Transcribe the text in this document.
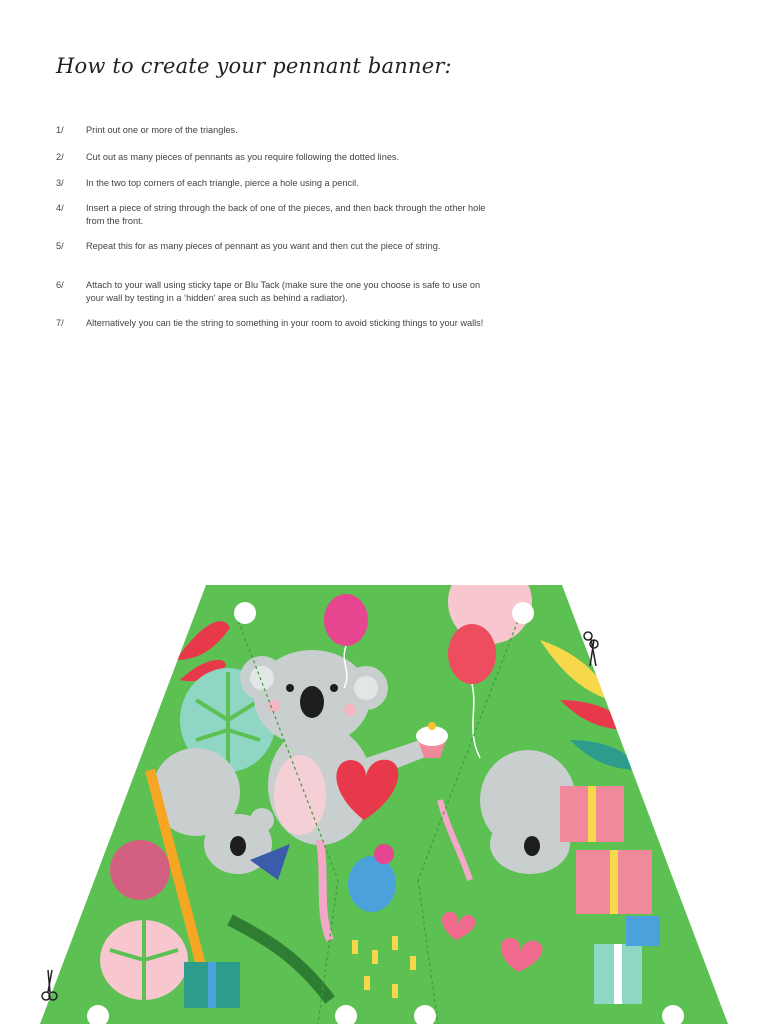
How to create your pennant banner:
1/	Print out one or more of the triangles.
2/	Cut out as many pieces of pennants as you require following the dotted lines.
3/	In the two top corners of each triangle, pierce a hole using a pencil.
4/	Insert a piece of string through the back of one of the pieces, and then back through the other hole from the front.
5/	Repeat this for as many pieces of pennant as you want and then cut the piece of string.
6/	Attach to your wall using sticky tape or Blu Tack (make sure the one you choose is safe to use on your wall by testing in a ‘hidden’ area such as behind a radiator).
7/	Alternatively you can tie the string to something in your room to avoid sticking things to your walls!
